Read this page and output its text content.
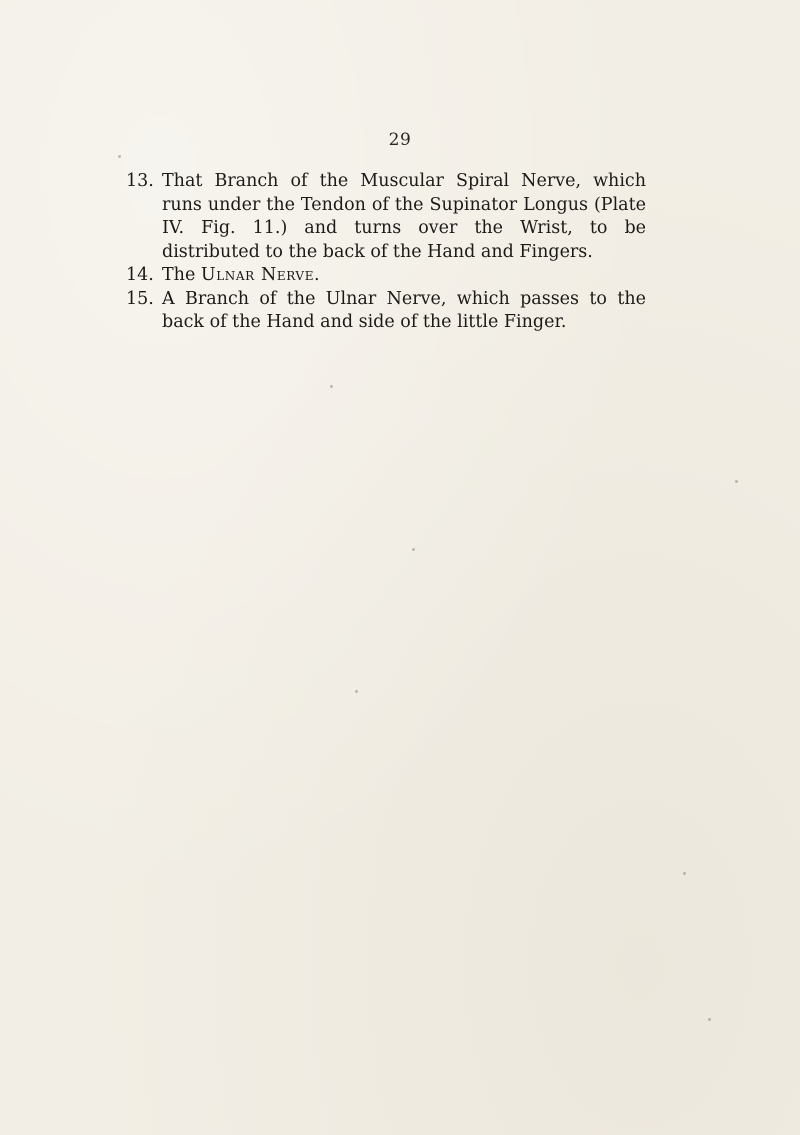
29

13. That Branch of the Muscular Spiral Nerve, which runs under the Tendon of the Supinator Longus (Plate IV. Fig. 11.) and turns over the Wrist, to be distributed to the back of the Hand and Fingers.

14. The Ulnar Nerve.

15. A Branch of the Ulnar Nerve, which passes to the back of the Hand and side of the little Finger.
